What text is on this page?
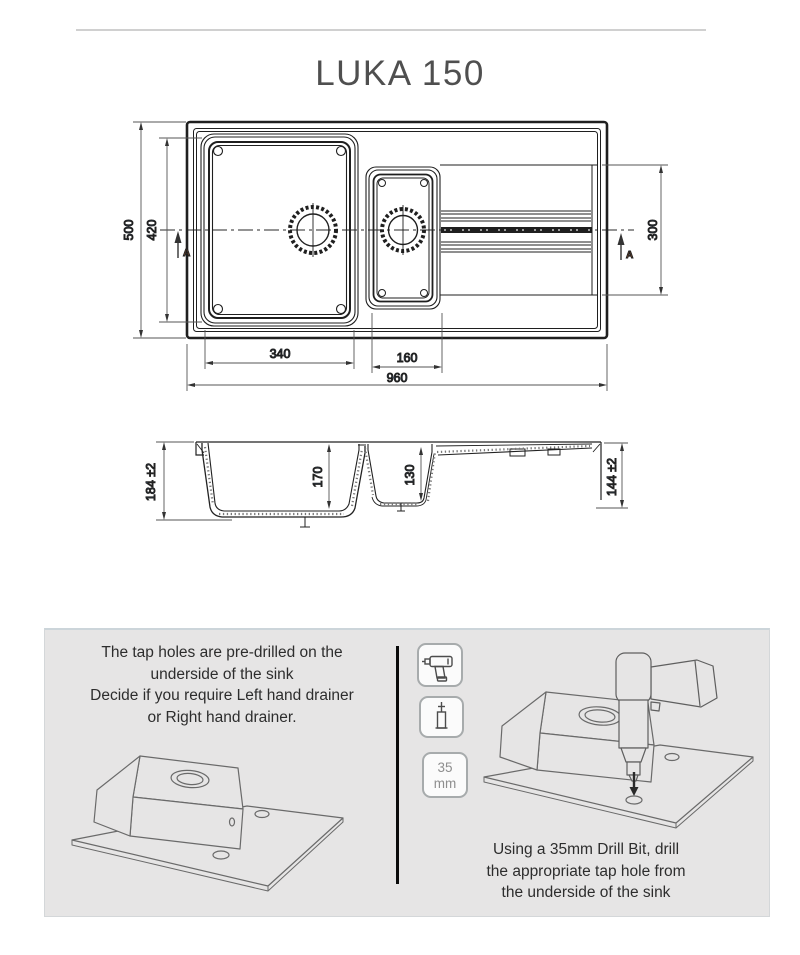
LUKA 150
500 420	300
340	160
960
A	A
184 ±2	170	130	144 ±2
The tap holes are pre-drilled on the
underside of the sink
Decide if you require Left hand drainer
or Right hand drainer.
35
mm
Using a 35mm Drill Bit, drill
the appropriate tap hole from
the underside of the sink
